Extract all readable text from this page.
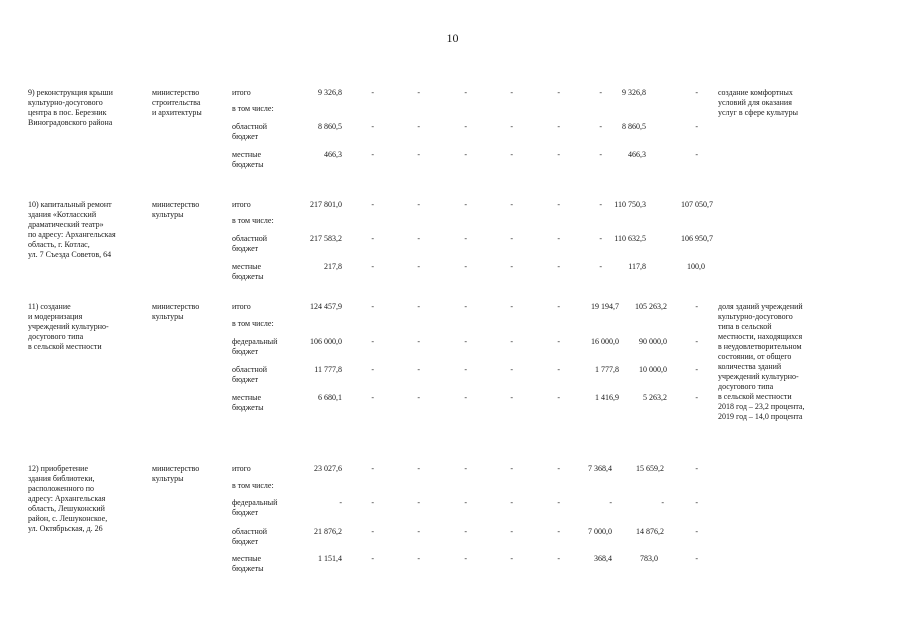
10
9) реконструкция крыши
культурно-досугового
центра в пос. Березник
Виноградовского района
министерство
строительства
и архитектуры
создание комфортных
условий для оказания
услуг в сфере культуры
итого	9 326,8	-	-	-	-	-	-	9 326,8	-
в том числе:
областной
бюджет
8 860,5	-	-	-	-	-	-	8 860,5	-
местные
бюджеты
466,3	-	-	-	-	-	-	466,3	-
10) капитальный ремонт
здания «Котласский
драматический театр»
по адресу: Архангельская
область, г. Котлас,
ул. 7 Съезда Советов, 64
министерство
культуры
итого	217 801,0	-	-	-	-	-	-	110 750,3	107 050,7
в том числе:
областной
бюджет
217 583,2	-	-	-	-	-	-	110 632,5	106 950,7
местные
бюджеты
217,8	-	-	-	-	-	-	117,8	100,0
11) создание
и модернизация
учреждений культурно-
досугового типа
в сельской местности
министерство
культуры
доля зданий учреждений
культурно-досугового
типа в сельской
местности, находящихся
в неудовлетворительном
состоянии, от общего
количества зданий
учреждений культурно-
досугового типа
в сельской местности
2018 год – 23,2 процента,
2019 год – 14,0 процента
итого	124 457,9	-	-	-	-	-	19 194,7	105 263,2	-
в том числе:
федеральный
бюджет
106 000,0	-	-	-	-	-	16 000,0	90 000,0	-
областной
бюджет
11 777,8	-	-	-	-	-	1 777,8	10 000,0	-
местные
бюджеты
6 680,1	-	-	-	-	-	1 416,9	5 263,2	-
12) приобретение
здания библиотеки,
расположенного по
адресу: Архангельская
область, Лешуконский
район, с. Лешуконское,
ул. Октябрьская, д. 26
министерство
культуры
итого	23 027,6	-	-	-	-	-	7 368,4	15 659,2	-
в том числе:
федеральный
бюджет
-	-	-	-	-	-	-	-	-
областной
бюджет
21 876,2	-	-	-	-	-	7 000,0	14 876,2	-
местные
бюджеты
1 151,4	-	-	-	-	-	368,4	783,0	-
